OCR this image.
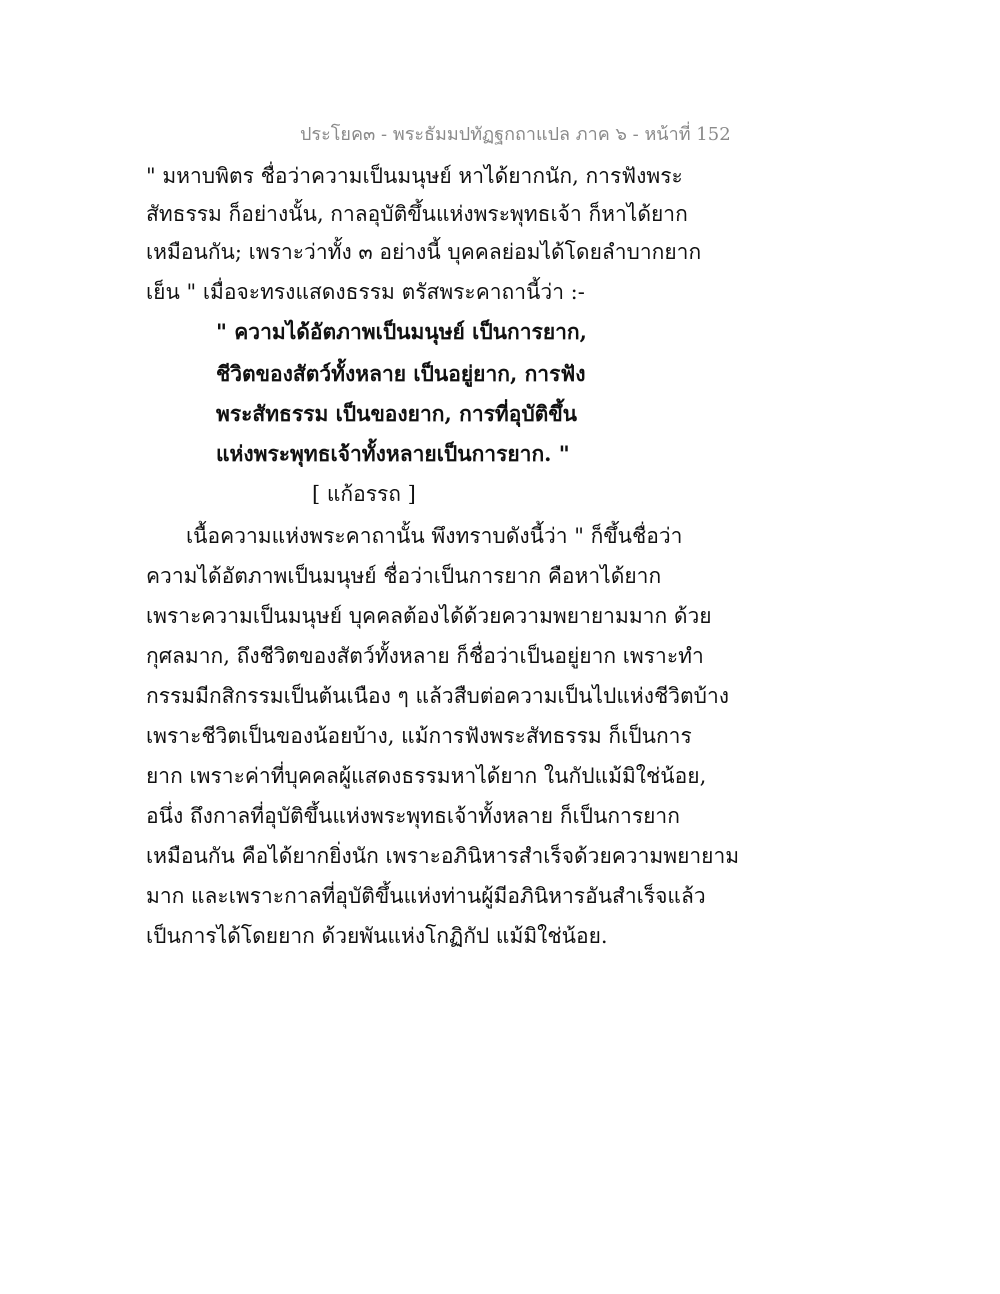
ประโยค๓ - พระธัมมปทัฏฐกถาแปล ภาค ๖ - หน้าที่ 152
" มหาบพิตร ชื่อว่าความเป็นมนุษย์ หาได้ยากนัก, การฟังพระ
สัทธรรม ก็อย่างนั้น, กาลอุบัติขึ้นแห่งพระพุทธเจ้า ก็หาได้ยาก
เหมือนกัน; เพราะว่าทั้ง ๓ อย่างนี้ บุคคลย่อมได้โดยลำบากยาก
เย็น " เมื่อจะทรงแสดงธรรม ตรัสพระคาถานี้ว่า :-
" ความได้อัตภาพเป็นมนุษย์ เป็นการยาก,
ชีวิตของสัตว์ทั้งหลาย เป็นอยู่ยาก, การฟัง
พระสัทธรรม เป็นของยาก, การที่อุบัติขึ้น
แห่งพระพุทธเจ้าทั้งหลายเป็นการยาก. "
[ แก้อรรถ ]
เนื้อความแห่งพระคาถานั้น พึงทราบดังนี้ว่า " ก็ขึ้นชื่อว่า
ความได้อัตภาพเป็นมนุษย์ ชื่อว่าเป็นการยาก คือหาได้ยาก
เพราะความเป็นมนุษย์ บุคคลต้องได้ด้วยความพยายามมาก ด้วย
กุศลมาก, ถึงชีวิตของสัตว์ทั้งหลาย ก็ชื่อว่าเป็นอยู่ยาก เพราะทำ
กรรมมีกสิกรรมเป็นต้นเนือง ๆ แล้วสืบต่อความเป็นไปแห่งชีวิตบ้าง
เพราะชีวิตเป็นของน้อยบ้าง, แม้การฟังพระสัทธรรม ก็เป็นการ
ยาก เพราะค่าที่บุคคลผู้แสดงธรรมหาได้ยาก ในกัปแม้มิใช่น้อย,
อนึ่ง ถึงกาลที่อุบัติขึ้นแห่งพระพุทธเจ้าทั้งหลาย ก็เป็นการยาก
เหมือนกัน คือได้ยากยิ่งนัก เพราะอภินิหารสำเร็จด้วยความพยายาม
มาก และเพราะกาลที่อุบัติขึ้นแห่งท่านผู้มีอภินิหารอันสำเร็จแล้ว
เป็นการได้โดยยาก ด้วยพันแห่งโกฏิกัป แม้มิใช่น้อย.
